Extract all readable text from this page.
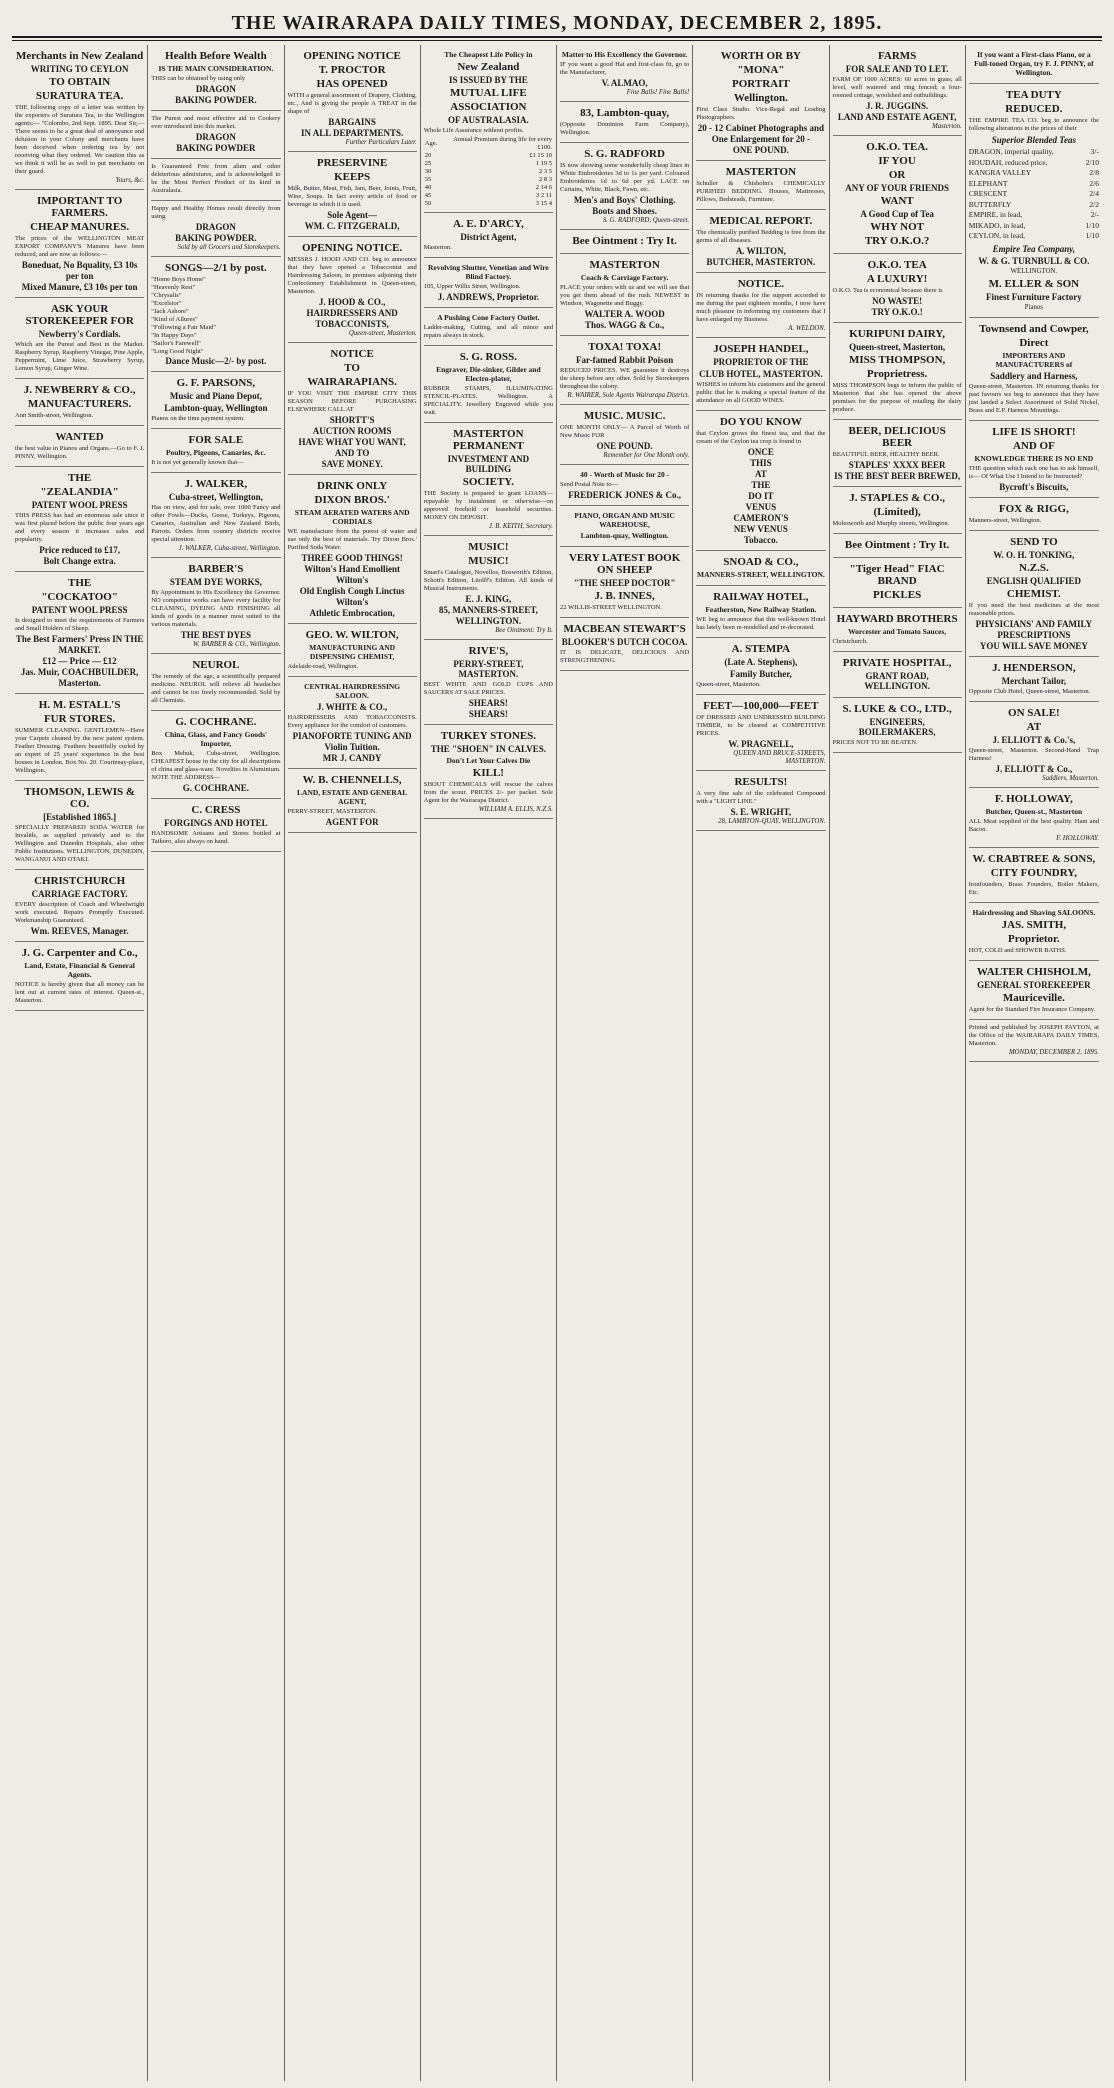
THE WAIRARAPA DAILY TIMES, MONDAY, DECEMBER 2, 1895.
Merchants in New Zealand
WRITING TO CEYLON
TO OBTAIN
SURATURA TEA.
THE following copy of a letter was written by the exporters of Suratura Tea, to the Wellington agents:— "Colombo, 2nd Sept. 1895. Dear Sir,—There seems to be a great deal of annoyance and delusion in your Colony and merchants have been deceived when ordering tea by not receiving what they ordered. We caution this as we think it will be as well to put merchants on their guard.
Yours, &c.
IMPORTANT TO FARMERS.
CHEAP MANURES.
The prices of the WELLINGTON MEAT EXPORT COMPANY'S Manures have been reduced, and are now as follows:—
Boneduat, No Bquality, £3 10s per ton
Mixed Manure, £3 10s per ton
ASK YOUR STOREKEEPER FOR
Newberry's Cordials.
Which are the Purest and Best in the Market. Raspberry Syrup, Raspberry Vinegar, Pine Apple, Peppermint, Lime Juice, Strawberry Syrup, Lemon Syrup, Ginger Wine.
J. NEWBERRY & CO.,
MANUFACTURERS.
Ann Smith-street, Wellington.
WANTED
the best value in Pianos and Organs.—Go to F. J. PINNY, Wellington.
THE
"ZEALANDIA"
PATENT WOOL PRESS
THIS PRESS has had an enormous sale since it was first placed before the public four years ago and every season it increases sales and popularity.
Price reduced to £17,
Bolt Change extra.
THE
"COCKATOO"
PATENT WOOL PRESS
Is designed to meet the requirements of Farmers and Small Holders of Sheep.
The Best Farmers' Press IN THE MARKET.
£12 — Price — £12
Jas. Muir, COACHBUILDER, Masterton.
H. M. ESTALL'S
FUR STORES.
SUMMER CLEANING. GENTLEMEN—Have your Carpets cleaned by the new patent system. Feather Dressing. Feathers beautifully curled by an expert of 25 years' experience in the best houses in London. Box No. 20. Courtenay-place, Wellington.
THOMSON, LEWIS & CO.
[Established 1865.]
SPECIALLY PREPARED SODA WATER for Invalids, as supplied privately and to the Wellington and Dunedin Hospitals, also other Public Institutions. WELLINGTON, DUNEDIN, WANGANUI AND OTAKI.
CHRISTCHURCH
CARRIAGE FACTORY.
EVERY description of Coach and Wheelwright work executed. Repairs Promptly Executed. Workmanship Guaranteed.
Wm. REEVES, Manager.
J. G. Carpenter and Co.,
Land, Estate, Financial & General Agents.
NOTICE is hereby given that all money can be lent out at current rates of interest. Queen-st., Masterton.
Health Before Wealth
IS THE MAIN CONSIDERATION.
THIS can be obtained by using only
DRAGON
BAKING POWDER.
The Purest and most effective aid to Cookery ever introduced into this market.
DRAGON
BAKING POWDER
Is Guaranteed Free from alum and other deleterious admixtures, and is acknowledged to be the Most Perfect Product of its kind in Australasia.
Happy and Healthy Homes result directly from using
DRAGON
BAKING POWDER.
Sold by all Grocers and Storekeepers.
SONGS—2/1 by post.
"Home Boys Home"
"Heavenly Rest"
"Chrysalis"
"Excelsior"
"Jack Ashore"
"Kind of Allures"
"Following a Fair Maid"
"In Happy Days"
"Sailor's Farewell"
"Long Good Night"
Dance Music—2/- by post.
G. F. PARSONS,
Music and Piano Depot,
Lambton-quay, Wellington
Pianos on the time payment system.
FOR SALE
Poultry, Pigeons, Canaries, &c.
It is not yet generally known that—
J. WALKER,
Cuba-street, Wellington,
Has on view, and for sale, over 1000 Fancy and other Fowls—Ducks, Geese, Turkeys, Pigeons, Canaries, Australian and New Zealand Birds, Parrots. Orders from country districts receive special attention.
J. WALKER, Cuba-street, Wellington.
BARBER'S
STEAM DYE WORKS,
By Appointment to His Excellency the Governor. NO competitor works can have every facility for CLEANING, DYEING AND FINISHING all kinds of goods in a manner most suited to the various materials.
THE BEST DYES
W. BARBER & CO., Wellington.
NEUROL
The remedy of the age; a scientifically prepared medicine. NEUROL will relieve all headaches and cannot be too freely recommended. Sold by all Chemists.
G. COCHRANE.
China, Glass, and Fancy Goods' Importer,
Box Mehuk, Cuba-street, Wellington. CHEAPEST house in the city for all descriptions of china and glass-ware. Novelties in Aluminium. NOTE THE ADDRESS—
G. COCHRANE.
C. CRESS
FORGINGS AND HOTEL
HANDSOME Artisans and Stores bottled at Taihoro, also always on hand.
OPENING NOTICE
T. PROCTOR
HAS OPENED
WITH a general assortment of Drapery, Clothing, etc., And is giving the people A TREAT in the shape of
BARGAINS
IN ALL DEPARTMENTS.
Further Particulars Later.
PRESERVINE
KEEPS
Milk, Butter, Meat, Fish, Jam, Beer, Joints, Fruit, Wine, Soups. In fact every article of food or beverage in which it is used.
Sole Agent—
WM. C. FITZGERALD,
OPENING NOTICE.
MESSRS J. HOOD AND CO. beg to announce that they have opened a Tobacconist and Hairdressing Saloon, in premises adjoining their Confectionery Establishment in Queen-street, Masterton.
J. HOOD & CO.,
HAIRDRESSERS AND TOBACCONISTS,
Queen-street, Masterton.
NOTICE
TO
WAIRARAPIANS.
IF YOU VISIT THE EMPIRE CITY THIS SEASON BEFORE PURCHASING ELSEWHERE CALL AT
SHORTT'S
AUCTION ROOMS
HAVE WHAT YOU WANT,
AND TO
SAVE MONEY.
DRINK ONLY
DIXON BROS.'
STEAM AERATED WATERS AND CORDIALS
WE manufacture from the purest of water and use only the best of materials. Try Dixon Bros.' Purified Soda Water.
THREE GOOD THINGS!
Wilton's Hand Emollient
Wilton's
Old English Cough Linctus
Wilton's
Athletic Embrocation,
GEO. W. WILTON,
MANUFACTURING AND DISPENSING CHEMIST,
Adelaide-road, Wellington.
CENTRAL HAIRDRESSING SALOON.
J. WHITE & CO.,
HAIRDRESSERS AND TOBACCONISTS. Every appliance for the comfort of customers.
PIANOFORTE TUNING AND
Violin Tuition.
MR J. CANDY
W. B. CHENNELLS,
LAND, ESTATE AND GENERAL AGENT,
PERRY-STREET, MASTERTON.
AGENT FOR
The Cheapest Life Policy in
New Zealand
IS ISSUED BY THE
MUTUAL LIFE
ASSOCIATION
OF AUSTRALASIA.
Whole Life Assurance without profits.
Age.	Annual Premium during life for every £100.
20	£1 15 10
25	1 19 5
30	2 3 5
35	2 8 3
40	2 14 6
45	3 2 11
50	3 15 4
A. E. D'ARCY,
District Agent,
Masterton.
Revolving Shutter, Venetian and Wire Blind Factory.
105, Upper Willis Street, Wellington.
J. ANDREWS, Proprietor.
A Pushing Cone Factory Outlet.
Ladder-making, Cutting, and all minor and repairs always in stock.
S. G. ROSS.
Engraver, Die-sinker, Gilder and Electro-plater,
RUBBER STAMPS, ILLUMINATING STENCIL-PLATES. Wellington. A SPECIALITY. Jewellery Engraved while you wait.
MASTERTON PERMANENT
INVESTMENT AND BUILDING
SOCIETY.
THE Society is prepared to grant LOANS—repayable by instalment or otherwise—on approved freehold or leasehold securities. MONEY ON DEPOSIT.
J. B. KEITH, Secretary.
MUSIC!
MUSIC!
Smart's Catalogue, Novellos, Bosworth's Edition, Schott's Edition, Litolff's Edition. All kinds of Musical Instruments.
E. J. KING,
85, MANNERS-STREET, WELLINGTON.
Bee Ointment: Try It.
RIVE'S,
PERRY-STREET, MASTERTON.
BEST WHITE AND GOLD CUPS AND SAUCERS AT SALE PRICES.
SHEARS!
SHEARS!
TURKEY STONES.
THE "SHOEN" IN CALVES.
Don't Let Your Calves Die
KILL!
SHOUT CHEMICALS will rescue the calves from the scour. PRICES 2/- per packet. Sole Agent for the Wairarapa District.
WILLIAM A. ELLIS, N.Z.S.
Matter to His Excellency the Governor.
IF you want a good Hat and first-class fit, go to the Manufacturer,
V. ALMAO,
Fine Balls! Fine Balls!
83, Lambton-quay,
(Opposite Dominion Farm Company), Wellington.
S. G. RADFORD
IS now showing some wonderfully cheap lines in White Embroideries 3d to 1s per yard. Coloured Embroideries 1d to 6d per yd. LACE on Curtains, White, Black, Fawn, etc.
Men's and Boys' Clothing.
Boots and Shoes.
S. G. RADFORD, Queen-street.
Bee Ointment : Try It.
MASTERTON
Coach & Carriage Factory.
PLACE your orders with us and we will see that you get them ahead of the rush. NEWEST in Windsor, Wagonette and Buggy.
WALTER A. WOOD
Thos. WAGG & Co.,
TOXA! TOXA!
Far-famed Rabbit Poison
REDUCED PRICES. WE guarantee it destroys the sheep before any other. Sold by Storekeepers throughout the colony.
R. WAIRER, Sole Agents Wairarapa District.
MUSIC. MUSIC.
ONE MONTH ONLY— A Parcel of Worth of New Music FOR
ONE POUND.
Remember for One Month only.
40 - Worth of Music for 20 -
Send Postal Note to—
FREDERICK JONES & Co.,
PIANO, ORGAN AND MUSIC WAREHOUSE,
Lambton-quay, Wellington.
VERY LATEST BOOK ON SHEEP
"THE SHEEP DOCTOR"
J. B. INNES,
22 WILLIS-STREET WELLINGTON.
MACBEAN STEWART'S
BLOOKER'S DUTCH COCOA.
IT IS DELICATE, DELICIOUS AND STRENGTHENING.
WORTH OR BY
"MONA"
PORTRAIT
Wellington.
First Class Studio. Vice-Regal and Leading Photographers.
20 - 12 Cabinet Photographs and One Enlargement for 20 -
ONE POUND.
MASTERTON
Schuller & Chisholm's CHEMICALLY PURIFIED BEDDING. Houses, Mattresses, Pillows, Bedsteads, Furniture.
MEDICAL REPORT.
The chemically purified Bedding is free from the germs of all diseases.
A. WILTON,
BUTCHER, MASTERTON.
NOTICE.
IN returning thanks for the support accorded to me during the past eighteen months, I now have much pleasure in informing my customers that I have enlarged my Business.
A. WELDON.
JOSEPH HANDEL,
PROPRIETOR OF THE
CLUB HOTEL, MASTERTON.
WISHES to inform his customers and the general public that he is making a special feature of the attendance on all GOOD WINES.
DO YOU KNOW
that Ceylon grows the finest tea, and that the cream of the Ceylon tea crop is found in
ONCE
THIS
AT
THE
DO IT
VENUS
CAMERON'S
NEW VENUS
Tobacco.
SNOAD & CO.,
MANNERS-STREET, WELLINGTON.
RAILWAY HOTEL,
Featherston, New Railway Station.
WE beg to announce that this well-known Hotel has lately been re-modelled and re-decorated.
A. STEMPA
(Late A. Stephens),
Family Butcher,
Queen-street, Masterton.
FEET—100,000—FEET
OF DRESSED AND UNDRESSED BUILDING TIMBER, to be cleared at COMPETITIVE PRICES.
W. PRAGNELL,
QUEEN AND BRUCE-STREETS, MASTERTON.
RESULTS!
A very fine sale of the celebrated Compound with a "LIGHT LINE."
S. E. WRIGHT,
28, LAMBTON-QUAY, WELLINGTON.
FARMS
FOR SALE AND TO LET.
FARM OF 1000 ACRES: 60 acres in grass; all level, well watered and ring fenced; a four-roomed cottage, woolshed and outbuildings.
J. R. JUGGINS.
LAND AND ESTATE AGENT,
Masterton.
O.K.O. TEA.
IF YOU
OR
ANY OF YOUR FRIENDS
WANT
A Good Cup of Tea
WHY NOT
TRY O.K.O.?
O.K.O. TEA
A LUXURY!
O.K.O. Tea is economical because there is
NO WASTE!
TRY O.K.O.!
KURIPUNI DAIRY,
Queen-street, Masterton,
MISS THOMPSON,
Proprietress.
MISS THOMPSON begs to inform the public of Masterton that she has opened the above premises for the purpose of retailing the dairy produce.
BEER, DELICIOUS BEER
BEAUTIFUL BEER, HEALTHY BEER.
STAPLES' XXXX BEER
IS THE BEST BEER BREWED,
J. STAPLES & CO.,
(Limited),
Molesworth and Murphy streets, Wellington.
Bee Ointment : Try It.
"Tiger Head" FIAC BRAND
PICKLES
HAYWARD BROTHERS
Worcester and Tomato Sauces,
Christchurch.
PRIVATE HOSPITAL,
GRANT ROAD, WELLINGTON.
S. LUKE & CO., LTD.,
ENGINEERS, BOILERMAKERS,
PRICES NOT TO BE BEATEN.
If you want a First-class Piano, or a Full-toned Organ, try F. J. PINNY, of Wellington.
TEA DUTY
REDUCED.
THE EMPIRE TEA CO. beg to announce the following alterations in the prices of their
Superior Blended Teas
DRAGON, imperial quality,	3/-
HOUDAH, reduced price,	2/10
KANGRA VALLEY	2/8
ELEPHANT	2/6
CRESCENT	2/4
BUTTERFLY	2/2
EMPIRE, in lead,	2/-
MIKADO, in lead,	1/10
CEYLON, in lead,	1/10
Empire Tea Company,
W. & G. TURNBULL & CO.
WELLINGTON.
M. ELLER & SON
Finest Furniture Factory
Pianos
Townsend and Cowper,
Direct
IMPORTERS AND MANUFACTURERS of
Saddlery and Harness,
Queen-street, Masterton. IN returning thanks for past favours we beg to announce that they have just landed a Select Assortment of Solid Nickel, Brass and E.P. Harness Mountings.
LIFE IS SHORT!
AND OF
KNOWLEDGE THERE IS NO END
THE question which each one has to ask himself, is— Of What Use I Intend to be Instructed?
Bycroft's Biscuits,
FOX & RIGG,
Manners-street, Wellington.
SEND TO
W. O. H. TONKING,
N.Z.S.
ENGLISH QUALIFIED
CHEMIST.
If you need the best medicines at the most reasonable prices.
PHYSICIANS' AND FAMILY PRESCRIPTIONS
YOU WILL SAVE MONEY
J. HENDERSON,
Merchant Tailor,
Opposite Club Hotel, Queen-street, Masterton.
ON SALE!
AT
J. ELLIOTT & Co.'s,
Queen-street, Masterton. Second-Hand Trap Harness!
J. ELLIOTT & Co.,
Saddlers, Masterton.
F. HOLLOWAY,
Butcher, Queen-st., Masterton
ALL Meat supplied of the best quality. Ham and Bacon.
F. HOLLOWAY.
W. CRABTREE & SONS,
CITY FOUNDRY,
Ironfounders, Brass Founders, Boiler Makers, Etc.
Hairdressing and Shaving SALOONS.
JAS. SMITH,
Proprietor.
HOT, COLD and SHOWER BATHS.
WALTER CHISHOLM,
GENERAL STOREKEEPER
Mauriceville.
Agent for the Standard Fire Insurance Company.
Printed and published by JOSEPH PAYTON, at the Office of the WAIRARAPA DAILY TIMES, Masterton.
MONDAY, DECEMBER 2, 1895.
